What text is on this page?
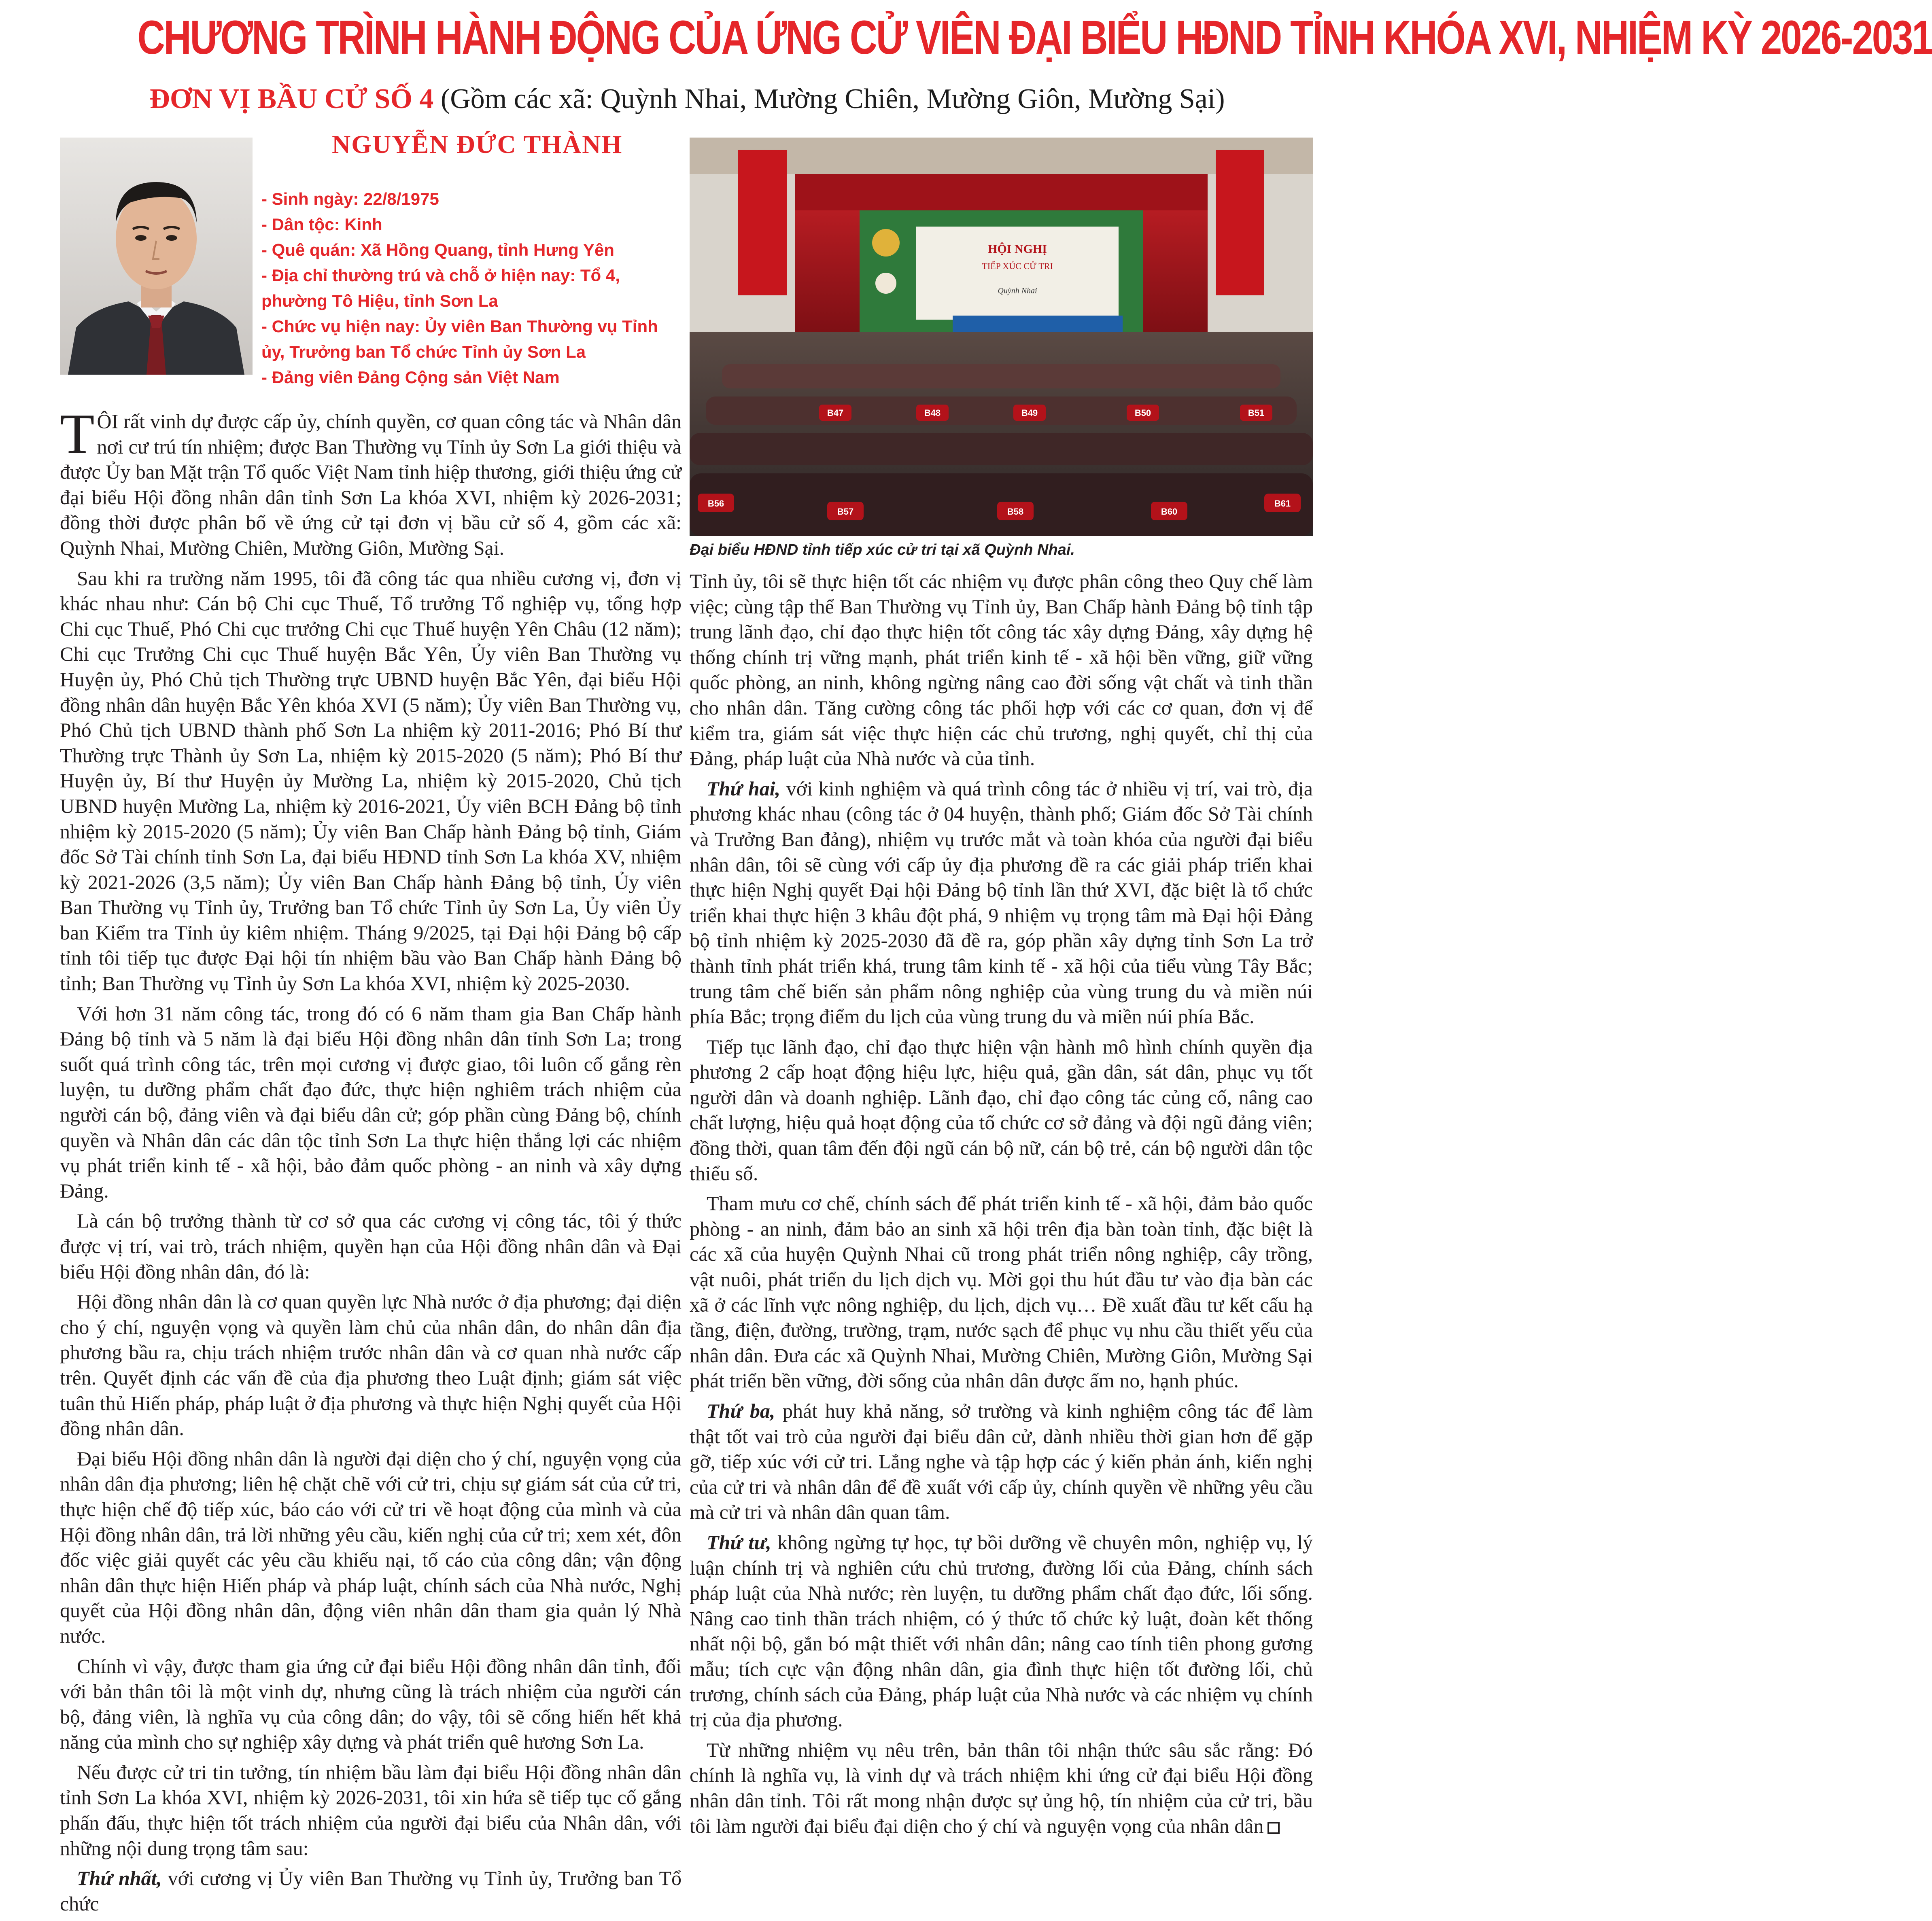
CHƯƠNG TRÌNH HÀNH ĐỘNG CỦA ỨNG CỬ VIÊN ĐẠI BIỂU HĐND TỈNH KHÓA XVI, NHIỆM KỲ 2026-2031
ĐƠN VỊ BẦU CỬ SỐ 4 (Gồm các xã: Quỳnh Nhai, Mường Chiên, Mường Giôn, Mường Sại)
NGUYỄN ĐỨC THÀNH
- Sinh ngày: 22/8/1975
- Dân tộc: Kinh
- Quê quán: Xã Hồng Quang, tỉnh Hưng Yên
- Địa chỉ thường trú và chỗ ở hiện nay: Tổ 4, phường Tô Hiệu, tỉnh Sơn La
- Chức vụ hiện nay: Ủy viên Ban Thường vụ Tỉnh ủy, Trưởng ban Tổ chức Tỉnh ủy Sơn La
- Đảng viên Đảng Cộng sản Việt Nam

TÔI rất vinh dự được cấp ủy, chính quyền, cơ quan công tác và Nhân dân nơi cư trú tín nhiệm; được Ban Thường vụ Tỉnh ủy Sơn La giới thiệu và được Ủy ban Mặt trận Tổ quốc Việt Nam tỉnh hiệp thương, giới thiệu ứng cử đại biểu Hội đồng nhân dân tỉnh Sơn La khóa XVI, nhiệm kỳ 2026-2031; đồng thời được phân bổ về ứng cử tại đơn vị bầu cử số 4, gồm các xã: Quỳnh Nhai, Mường Chiên, Mường Giôn, Mường Sại.

Sau khi ra trường năm 1995, tôi đã công tác qua nhiều cương vị, đơn vị khác nhau như: Cán bộ Chi cục Thuế, Tổ trưởng Tổ nghiệp vụ, tổng hợp Chi cục Thuế, Phó Chi cục trưởng Chi cục Thuế huyện Yên Châu (12 năm); Chi cục Trưởng Chi cục Thuế huyện Bắc Yên, Ủy viên Ban Thường vụ Huyện ủy, Phó Chủ tịch Thường trực UBND huyện Bắc Yên, đại biểu Hội đồng nhân dân huyện Bắc Yên khóa XVI (5 năm); Ủy viên Ban Thường vụ, Phó Chủ tịch UBND thành phố Sơn La nhiệm kỳ 2011-2016; Phó Bí thư Thường trực Thành ủy Sơn La, nhiệm kỳ 2015-2020 (5 năm); Phó Bí thư Huyện ủy, Bí thư Huyện ủy Mường La, nhiệm kỳ 2015-2020, Chủ tịch UBND huyện Mường La, nhiệm kỳ 2016-2021, Ủy viên BCH Đảng bộ tỉnh nhiệm kỳ 2015-2020 (5 năm); Ủy viên Ban Chấp hành Đảng bộ tỉnh, Giám đốc Sở Tài chính tỉnh Sơn La, đại biểu HĐND tỉnh Sơn La khóa XV, nhiệm kỳ 2021-2026 (3,5 năm); Ủy viên Ban Chấp hành Đảng bộ tỉnh, Ủy viên Ban Thường vụ Tỉnh ủy, Trưởng ban Tổ chức Tỉnh ủy Sơn La, Ủy viên Ủy ban Kiểm tra Tỉnh ủy kiêm nhiệm. Tháng 9/2025, tại Đại hội Đảng bộ cấp tỉnh tôi tiếp tục được Đại hội tín nhiệm bầu vào Ban Chấp hành Đảng bộ tỉnh; Ban Thường vụ Tỉnh ủy Sơn La khóa XVI, nhiệm kỳ 2025-2030.

Với hơn 31 năm công tác, trong đó có 6 năm tham gia Ban Chấp hành Đảng bộ tỉnh và 5 năm là đại biểu Hội đồng nhân dân tỉnh Sơn La; trong suốt quá trình công tác, trên mọi cương vị được giao, tôi luôn cố gắng rèn luyện, tu dưỡng phẩm chất đạo đức, thực hiện nghiêm trách nhiệm của người cán bộ, đảng viên và đại biểu dân cử; góp phần cùng Đảng bộ, chính quyền và Nhân dân các dân tộc tỉnh Sơn La thực hiện thắng lợi các nhiệm vụ phát triển kinh tế - xã hội, bảo đảm quốc phòng - an ninh và xây dựng Đảng.

Là cán bộ trưởng thành từ cơ sở qua các cương vị công tác, tôi ý thức được vị trí, vai trò, trách nhiệm, quyền hạn của Hội đồng nhân dân và Đại biểu Hội đồng nhân dân, đó là:

Hội đồng nhân dân là cơ quan quyền lực Nhà nước ở địa phương; đại diện cho ý chí, nguyện vọng và quyền làm chủ của nhân dân, do nhân dân địa phương bầu ra, chịu trách nhiệm trước nhân dân và cơ quan nhà nước cấp trên. Quyết định các vấn đề của địa phương theo Luật định; giám sát việc tuân thủ Hiến pháp, pháp luật ở địa phương và thực hiện Nghị quyết của Hội đồng nhân dân.

Đại biểu Hội đồng nhân dân là người đại diện cho ý chí, nguyện vọng của nhân dân địa phương; liên hệ chặt chẽ với cử tri, chịu sự giám sát của cử tri, thực hiện chế độ tiếp xúc, báo cáo với cử tri về hoạt động của mình và của Hội đồng nhân dân, trả lời những yêu cầu, kiến nghị của cử tri; xem xét, đôn đốc việc giải quyết các yêu cầu khiếu nại, tố cáo của công dân; vận động nhân dân thực hiện Hiến pháp và pháp luật, chính sách của Nhà nước, Nghị quyết của Hội đồng nhân dân, động viên nhân dân tham gia quản lý Nhà nước.

Chính vì vậy, được tham gia ứng cử đại biểu Hội đồng nhân dân tỉnh, đối với bản thân tôi là một vinh dự, nhưng cũng là trách nhiệm của người cán bộ, đảng viên, là nghĩa vụ của công dân; do vậy, tôi sẽ cống hiến hết khả năng của mình cho sự nghiệp xây dựng và phát triển quê hương Sơn La.

Nếu được cử tri tin tưởng, tín nhiệm bầu làm đại biểu Hội đồng nhân dân tỉnh Sơn La khóa XVI, nhiệm kỳ 2026-2031, tôi xin hứa sẽ tiếp tục cố gắng phấn đấu, thực hiện tốt trách nhiệm của người đại biểu của Nhân dân, với những nội dung trọng tâm sau:

Thứ nhất, với cương vị Ủy viên Ban Thường vụ Tỉnh ủy, Trưởng ban Tổ chức

HỘI NGHỊ
TIẾP XÚC CỬ TRI
Quỳnh Nhai
B47	B48	B49	B50	B51
B56
B57	B58	B60
B61
Đại biểu HĐND tỉnh tiếp xúc cử tri tại xã Quỳnh Nhai.

Tỉnh ủy, tôi sẽ thực hiện tốt các nhiệm vụ được phân công theo Quy chế làm việc; cùng tập thể Ban Thường vụ Tỉnh ủy, Ban Chấp hành Đảng bộ tỉnh tập trung lãnh đạo, chỉ đạo thực hiện tốt công tác xây dựng Đảng, xây dựng hệ thống chính trị vững mạnh, phát triển kinh tế - xã hội bền vững, giữ vững quốc phòng, an ninh, không ngừng nâng cao đời sống vật chất và tinh thần cho nhân dân. Tăng cường công tác phối hợp với các cơ quan, đơn vị để kiểm tra, giám sát việc thực hiện các chủ trương, nghị quyết, chỉ thị của Đảng, pháp luật của Nhà nước và của tỉnh.

Thứ hai, với kinh nghiệm và quá trình công tác ở nhiều vị trí, vai trò, địa phương khác nhau (công tác ở 04 huyện, thành phố; Giám đốc Sở Tài chính và Trưởng Ban đảng), nhiệm vụ trước mắt và toàn khóa của người đại biểu nhân dân, tôi sẽ cùng với cấp ủy địa phương đề ra các giải pháp triển khai thực hiện Nghị quyết Đại hội Đảng bộ tỉnh lần thứ XVI, đặc biệt là tổ chức triển khai thực hiện 3 khâu đột phá, 9 nhiệm vụ trọng tâm mà Đại hội Đảng bộ tỉnh nhiệm kỳ 2025-2030 đã đề ra, góp phần xây dựng tỉnh Sơn La trở thành tỉnh phát triển khá, trung tâm kinh tế - xã hội của tiểu vùng Tây Bắc; trung tâm chế biến sản phẩm nông nghiệp của vùng trung du và miền núi phía Bắc; trọng điểm du lịch của vùng trung du và miền núi phía Bắc.

Tiếp tục lãnh đạo, chỉ đạo thực hiện vận hành mô hình chính quyền địa phương 2 cấp hoạt động hiệu lực, hiệu quả, gần dân, sát dân, phục vụ tốt người dân và doanh nghiệp. Lãnh đạo, chỉ đạo công tác củng cố, nâng cao chất lượng, hiệu quả hoạt động của tổ chức cơ sở đảng và đội ngũ đảng viên; đồng thời, quan tâm đến đội ngũ cán bộ nữ, cán bộ trẻ, cán bộ người dân tộc thiểu số.

Tham mưu cơ chế, chính sách để phát triển kinh tế - xã hội, đảm bảo quốc phòng - an ninh, đảm bảo an sinh xã hội trên địa bàn toàn tỉnh, đặc biệt là các xã của huyện Quỳnh Nhai cũ trong phát triển nông nghiệp, cây trồng, vật nuôi, phát triển du lịch dịch vụ. Mời gọi thu hút đầu tư vào địa bàn các xã ở các lĩnh vực nông nghiệp, du lịch, dịch vụ… Đề xuất đầu tư kết cấu hạ tầng, điện, đường, trường, trạm, nước sạch để phục vụ nhu cầu thiết yếu của nhân dân. Đưa các xã Quỳnh Nhai, Mường Chiên, Mường Giôn, Mường Sại phát triển bền vững, đời sống của nhân dân được ấm no, hạnh phúc.

Thứ ba, phát huy khả năng, sở trường và kinh nghiệm công tác để làm thật tốt vai trò của người đại biểu dân cử, dành nhiều thời gian hơn để gặp gỡ, tiếp xúc với cử tri. Lắng nghe và tập hợp các ý kiến phản ánh, kiến nghị của cử tri và nhân dân để đề xuất với cấp ủy, chính quyền về những yêu cầu mà cử tri và nhân dân quan tâm.

Thứ tư, không ngừng tự học, tự bồi dưỡng về chuyên môn, nghiệp vụ, lý luận chính trị và nghiên cứu chủ trương, đường lối của Đảng, chính sách pháp luật của Nhà nước; rèn luyện, tu dưỡng phẩm chất đạo đức, lối sống. Nâng cao tinh thần trách nhiệm, có ý thức tổ chức kỷ luật, đoàn kết thống nhất nội bộ, gắn bó mật thiết với nhân dân; nâng cao tính tiên phong gương mẫu; tích cực vận động nhân dân, gia đình thực hiện tốt đường lối, chủ trương, chính sách của Đảng, pháp luật của Nhà nước và các nhiệm vụ chính trị của địa phương.

Từ những nhiệm vụ nêu trên, bản thân tôi nhận thức sâu sắc rằng: Đó chính là nghĩa vụ, là vinh dự và trách nhiệm khi ứng cử đại biểu Hội đồng nhân dân tỉnh. Tôi rất mong nhận được sự ủng hộ, tín nhiệm của cử tri, bầu tôi làm người đại biểu đại diện cho ý chí và nguyện vọng của nhân dân
